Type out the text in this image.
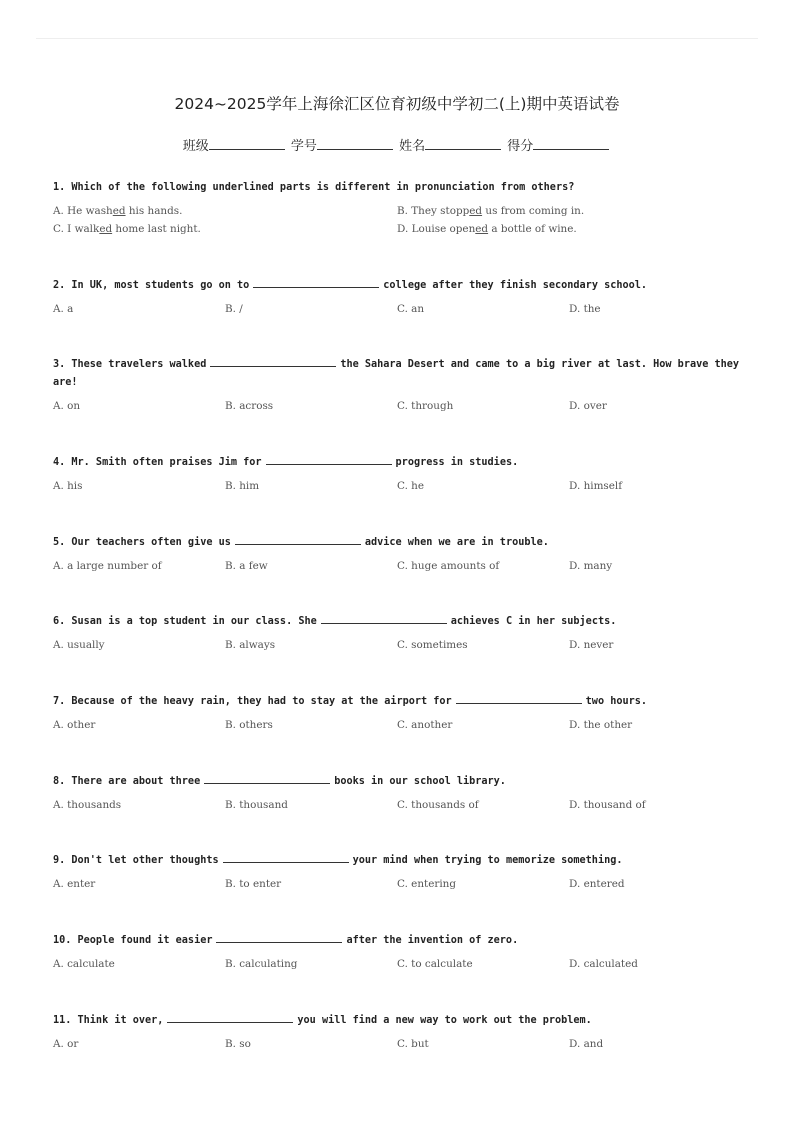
2024~2025学年上海徐汇区位育初级中学初二(上)期中英语试卷
班级	学号	姓名	得分
1. Which of the following underlined parts is different in pronunciation from others?
A. He washed his hands.	B. They stopped us from coming in.
C. I walked home last night.	D. Louise opened a bottle of wine.
2. In UK, most students go on to	college after they finish secondary school.
A. a	B. /	C. an	D. the
3. These travelers walked	the Sahara Desert and came to a big river at last. How brave they are!
A. on	B. across	C. through	D. over
4. Mr. Smith often praises Jim for	progress in studies.
A. his	B. him	C. he	D. himself
5. Our teachers often give us	advice when we are in trouble.
A. a large number of	B. a few	C. huge amounts of	D. many
6. Susan is a top student in our class. She	achieves C in her subjects.
A. usually	B. always	C. sometimes	D. never
7. Because of the heavy rain, they had to stay at the airport for	two hours.
A. other	B. others	C. another	D. the other
8. There are about three	books in our school library.
A. thousands	B. thousand	C. thousands of	D. thousand of
9. Don't let other thoughts	your mind when trying to memorize something.
A. enter	B. to enter	C. entering	D. entered
10. People found it easier	after the invention of zero.
A. calculate	B. calculating	C. to calculate	D. calculated
11. Think it over,	you will find a new way to work out the problem.
A. or	B. so	C. but	D. and
